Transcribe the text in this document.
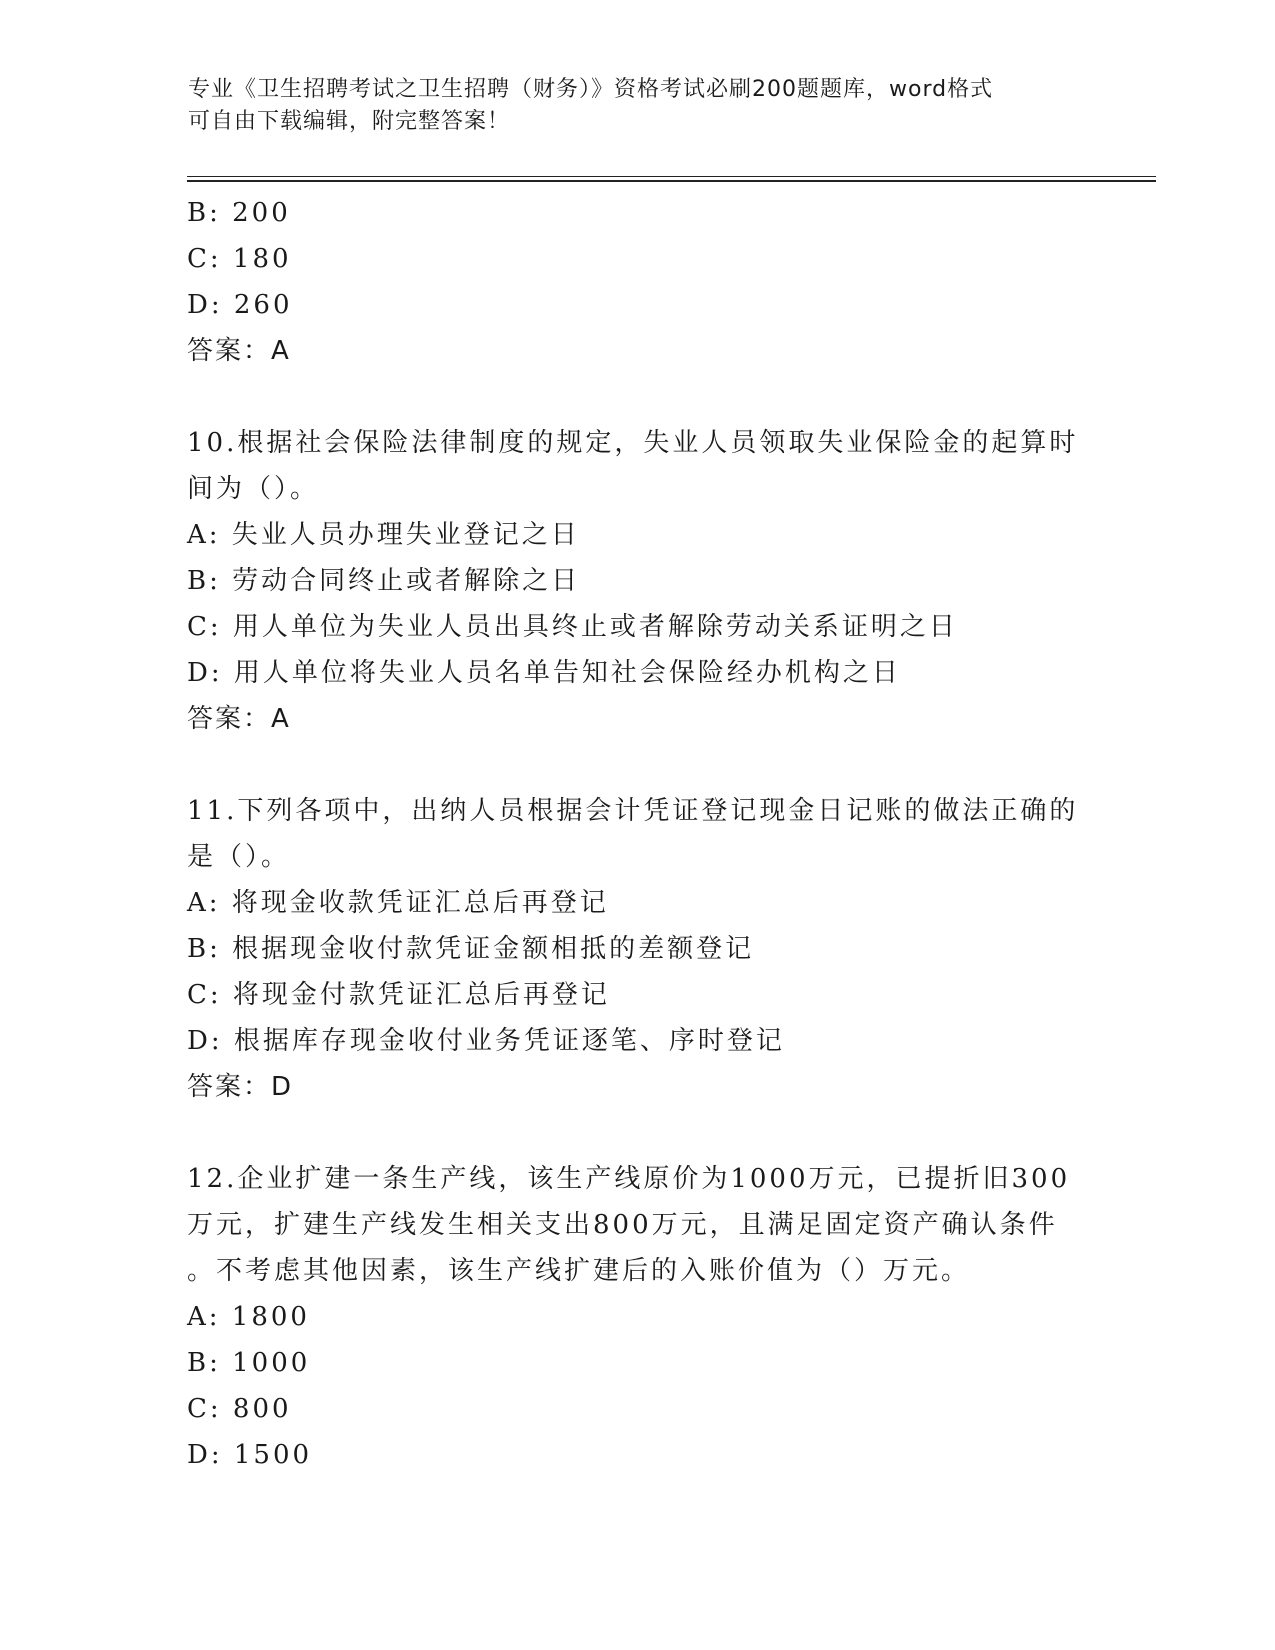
专业《卫生招聘考试之卫生招聘（财务）》资格考试必刷200题题库，word格式
可自由下载编辑，附完整答案！
B: 200
C: 180
D: 260
答案：A
10.根据社会保险法律制度的规定，失业人员领取失业保险金的起算时
间为（）。
A: 失业人员办理失业登记之日
B: 劳动合同终止或者解除之日
C: 用人单位为失业人员出具终止或者解除劳动关系证明之日
D: 用人单位将失业人员名单告知社会保险经办机构之日
答案：A
11.下列各项中，出纳人员根据会计凭证登记现金日记账的做法正确的
是（）。
A: 将现金收款凭证汇总后再登记
B: 根据现金收付款凭证金额相抵的差额登记
C: 将现金付款凭证汇总后再登记
D: 根据库存现金收付业务凭证逐笔、序时登记
答案：D
12.企业扩建一条生产线，该生产线原价为1000万元，已提折旧300
万元，扩建生产线发生相关支出800万元，且满足固定资产确认条件
。不考虑其他因素，该生产线扩建后的入账价值为（）万元。
A: 1800
B: 1000
C: 800
D: 1500
